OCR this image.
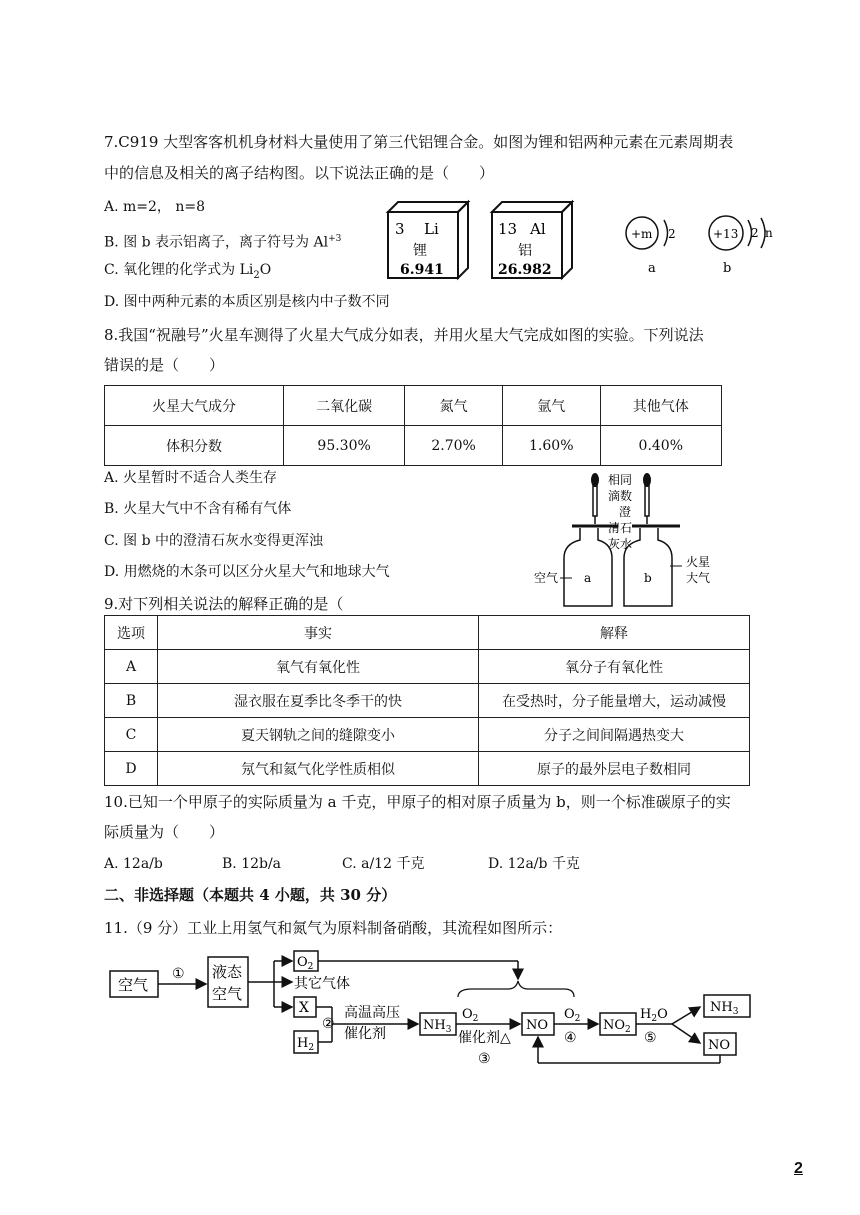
7.C919 大型客客机机身材料大量使用了第三代铝锂合金。如图为锂和铝两种元素在元素周期表
中的信息及相关的离子结构图。以下说法正确的是（　　）
A. m=2， n=8
B. 图 b 表示铝离子，离子符号为 $Al^{+3}$
C. 氧化锂的化学式为 $Li_2O$
D. 图中两种元素的本质区别是核内中子数不同
3 Li
锂
6.941
13 Al
铝
26.982
+m 2
a
+13 2 n
b
8.我国“祝融号”火星车测得了火星大气成分如表，并用火星大气完成如图的实验。下列说法
错误的是（　　）
火星大气成分	二氧化碳	氮气	氩气	其他气体
体积分数	95.30%	2.70%	1.60%	0.40%
A. 火星暂时不适合人类生存
B. 火星大气中不含有稀有气体
C. 图 b 中的澄清石灰水变得更浑浊
D. 用燃烧的木条可以区分火星大气和地球大气
相同
滴数
澄
清石
灰水
空气 a	b
火星
大气
9.对下列相关说法的解释正确的是（
选项	事实	解释
A	氧气有氧化性	氧分子有氧化性
B	湿衣服在夏季比冬季干的快	在受热时，分子能量增大，运动减慢
C	夏天钢轨之间的缝隙变小	分子之间间隔遇热变大
D	氖气和氦气化学性质相似	原子的最外层电子数相同
10.已知一个甲原子的实际质量为 a 千克，甲原子的相对原子质量为 b，则一个标准碳原子的实
际质量为（　　）
A. 12a/b	B. 12b/a	C. a/12 千克	D. 12a/b 千克
二、非选择题（本题共 4 小题，共 30 分）
11.（9 分）工业上用氢气和氮气为原料制备硝酸，其流程如图所示：
空气
① 液态
空气
$O_2$
其它气体
X
②
$H_2$
高温高压
催化剂
$NH_3$
$O_2$
催化剂△
③
NO
$O_2$
④
$NO_2$
$H_2O$
⑤
$NH_3$
NO
2
